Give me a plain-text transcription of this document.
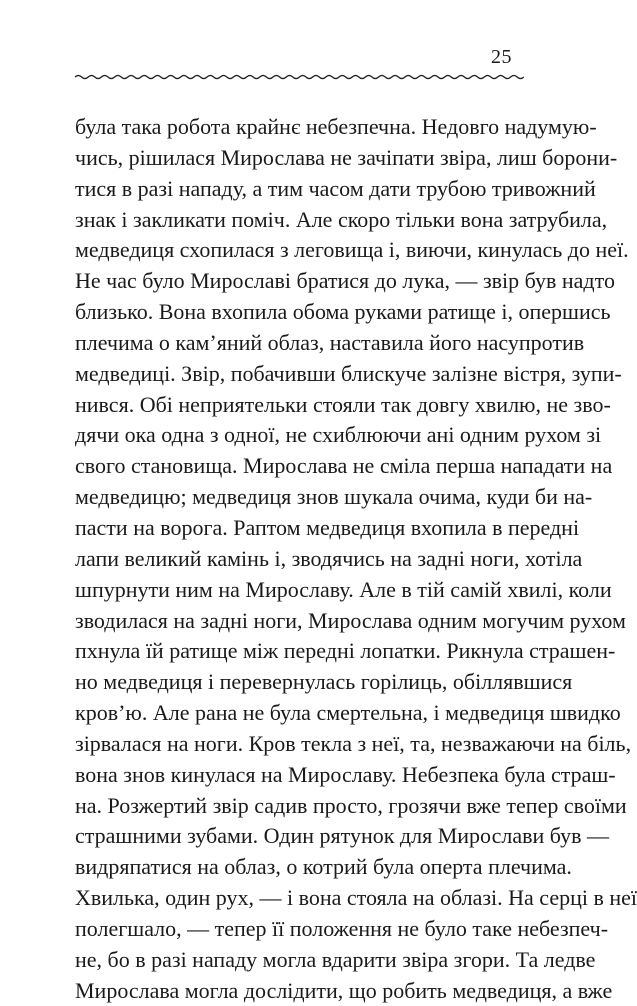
25
була така робота крайнє небезпечна. Недовго надумую-
чись, рішилася Мирослава не зачіпати звіра, лиш борони-
тися в разі нападу, а тим часом дати трубою тривожний
знак і закликати поміч. Але скоро тільки вона затрубила,
медведиця схопилася з леговища і, виючи, кинулась до неї.
Не час було Мирославі братися до лука, — звір був надто
близько. Вона вхопила обома руками ратище і, опершись
плечима о кам’яний облаз, наставила його насупротив
медведиці. Звір, побачивши блискуче залізне вістря, зупи-
нився. Обі неприятельки стояли так довгу хвилю, не зво-
дячи ока одна з одної, не схиблюючи ані одним рухом зі
свого становища. Мирослава не сміла перша нападати на
медведицю; медведиця знов шукала очима, куди би на-
пасти на ворога. Раптом медведиця вхопила в передні
лапи великий камінь і, зводячись на задні ноги, хотіла
шпурнути ним на Мирославу. Але в тій самій хвилі, коли
зводилася на задні ноги, Мирослава одним могучим рухом
пхнула їй ратище між передні лопатки. Рикнула страшен-
но медведиця і перевернулась горілиць, обіллявшися
кров’ю. Але рана не була смертельна, і медведиця швидко
зірвалася на ноги. Кров текла з неї, та, незважаючи на біль,
вона знов кинулася на Мирославу. Небезпека була страш-
на. Розжертий звір садив просто, грозячи вже тепер своїми
страшними зубами. Один рятунок для Мирослави був —
видряпатися на облаз, о котрий була оперта плечима.
Хвилька, один рух, — і вона стояла на облазі. На серці в неї
полегшало, — тепер її положення не було таке небезпеч-
не, бо в разі нападу могла вдарити звіра згори. Та ледве
Мирослава могла дослідити, що робить медведиця, а вже
